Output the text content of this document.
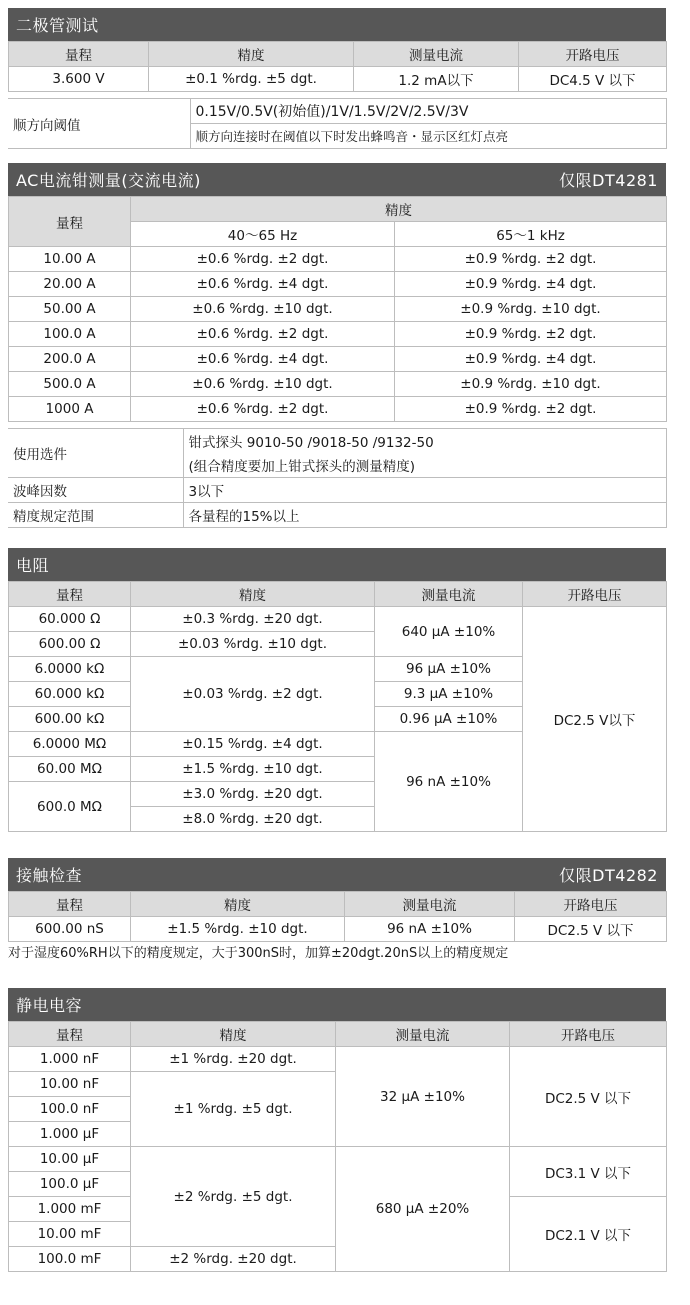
二极管测试
量程	精度	测量电流	开路电压
3.600 V	±0.1 %rdg. ±5 dgt.	1.2 mA以下	DC4.5 V 以下
顺方向阈值	0.15V/0.5V(初始值)/1V/1.5V/2V/2.5V/3V
顺方向连接时在阈值以下时发出蜂鸣音・显示区红灯点亮
AC电流钳测量(交流电流)	仅限DT4281
量程	精度	
	40～65 Hz	65～1 kHz
10.00 A	±0.6 %rdg. ±2 dgt.	±0.9 %rdg. ±2 dgt.
20.00 A	±0.6 %rdg. ±4 dgt.	±0.9 %rdg. ±4 dgt.
50.00 A	±0.6 %rdg. ±10 dgt.	±0.9 %rdg. ±10 dgt.
100.0 A	±0.6 %rdg. ±2 dgt.	±0.9 %rdg. ±2 dgt.
200.0 A	±0.6 %rdg. ±4 dgt.	±0.9 %rdg. ±4 dgt.
500.0 A	±0.6 %rdg. ±10 dgt.	±0.9 %rdg. ±10 dgt.
1000 A	±0.6 %rdg. ±2 dgt.	±0.9 %rdg. ±2 dgt.
使用选件	钳式探头 9010-50 /9018-50 /9132-50
	(组合精度要加上钳式探头的测量精度)
波峰因数	3以下
精度规定范围	各量程的15%以上
电阻
量程	精度	测量电流	开路电压
60.000 Ω	±0.3 %rdg. ±20 dgt.	640 μA ±10%	DC2.5 V以下
600.00 Ω	±0.03 %rdg. ±10 dgt.		
6.0000 kΩ	±0.03 %rdg. ±2 dgt.	96 μA ±10%	
60.000 kΩ		9.3 μA ±10%	
600.00 kΩ		0.96 μA ±10%	
6.0000 MΩ	±0.15 %rdg. ±4 dgt.	96 nA ±10%	
60.00 MΩ	±1.5 %rdg. ±10 dgt.		
600.0 MΩ	±3.0 %rdg. ±20 dgt.		
	±8.0 %rdg. ±20 dgt.		
接触检查	仅限DT4282
量程	精度	测量电流	开路电压
600.00 nS	±1.5 %rdg. ±10 dgt.	96 nA ±10%	DC2.5 V 以下
对于湿度60%RH以下的精度规定，大于300nS时，加算±20dgt.20nS以上的精度规定
静电电容
量程	精度	测量电流	开路电压
1.000 nF	±1 %rdg. ±20 dgt.	32 μA ±10%	DC2.5 V 以下
10.00 nF	±1 %rdg. ±5 dgt.		
100.0 nF			
1.000 μF			
10.00 μF	±2 %rdg. ±5 dgt.	680 μA ±20%	DC3.1 V 以下
100.0 μF			
1.000 mF			DC2.1 V 以下
10.00 mF			
100.0 mF	±2 %rdg. ±20 dgt.		
